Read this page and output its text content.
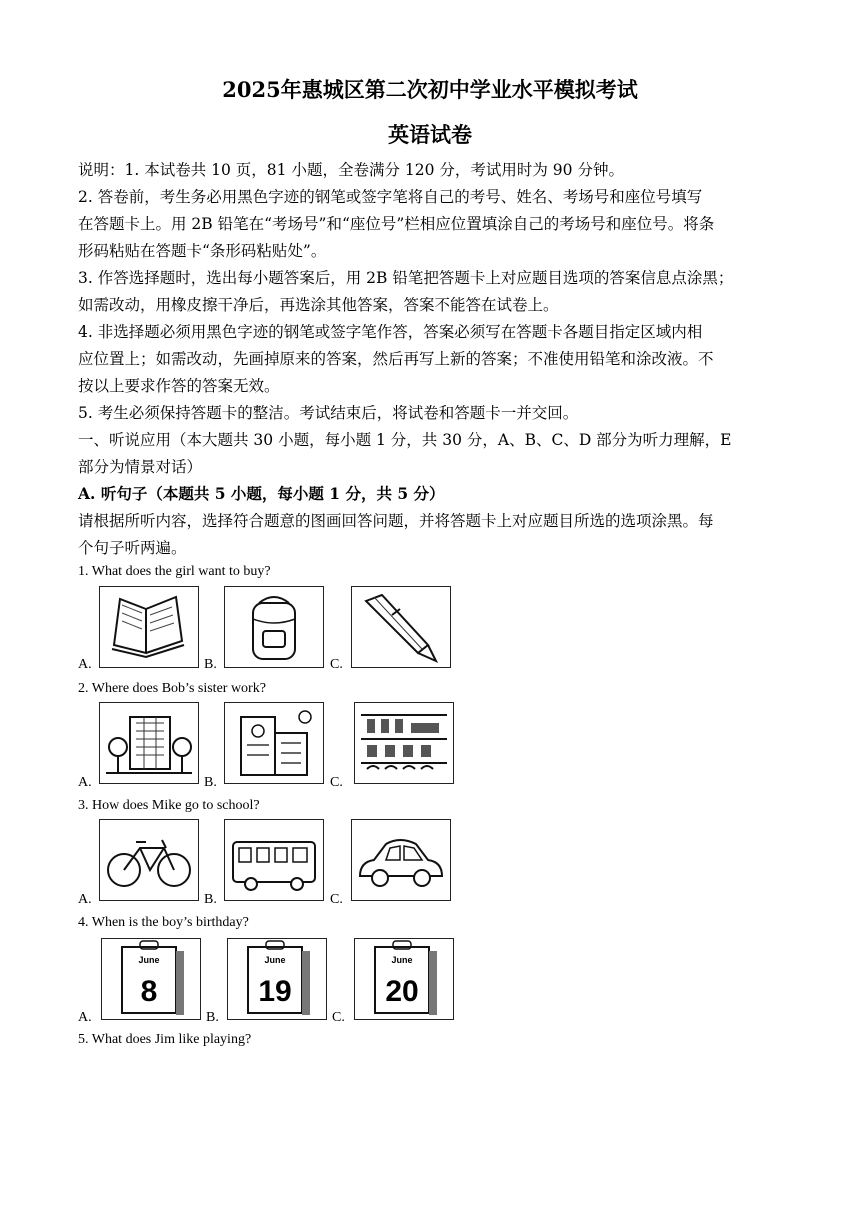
2025年惠城区第二次初中学业水平模拟考试
英语试卷
说明：1. 本试卷共 10 页，81 小题，全卷满分 120 分，考试用时为 90 分钟。
2. 答卷前，考生务必用黑色字迹的钢笔或签字笔将自己的考号、姓名、考场号和座位号填写
在答题卡上。用 2B 铅笔在“考场号”和“座位号”栏相应位置填涂自己的考场号和座位号。将条
形码粘贴在答题卡“条形码粘贴处”。
3. 作答选择题时，选出每小题答案后，用 2B 铅笔把答题卡上对应题目选项的答案信息点涂黑；
如需改动，用橡皮擦干净后，再选涂其他答案，答案不能答在试卷上。
4. 非选择题必须用黑色字迹的钢笔或签字笔作答，答案必须写在答题卡各题目指定区域内相
应位置上；如需改动，先画掉原来的答案，然后再写上新的答案；不准使用铅笔和涂改液。不
按以上要求作答的答案无效。
5. 考生必须保持答题卡的整洁。考试结束后，将试卷和答题卡一并交回。
一、听说应用（本大题共 30 小题，每小题 1 分，共 30 分，A、B、C、D 部分为听力理解，E
部分为情景对话）
A. 听句子（本题共 5 小题，每小题 1 分，共 5 分）
请根据所听内容，选择符合题意的图画回答问题，并将答题卡上对应题目所选的选项涂黑。每
个句子听两遍。
1. What does the girl want to buy?
A.	B.	C.
2. Where does Bob’s sister work?
A.	B.	C.
3. How does Mike go to school?
A.	B.	C.
4. When is the boy’s birthday?
A.
June
8
B.
June
19
C.
June
20
5. What does Jim like playing?
